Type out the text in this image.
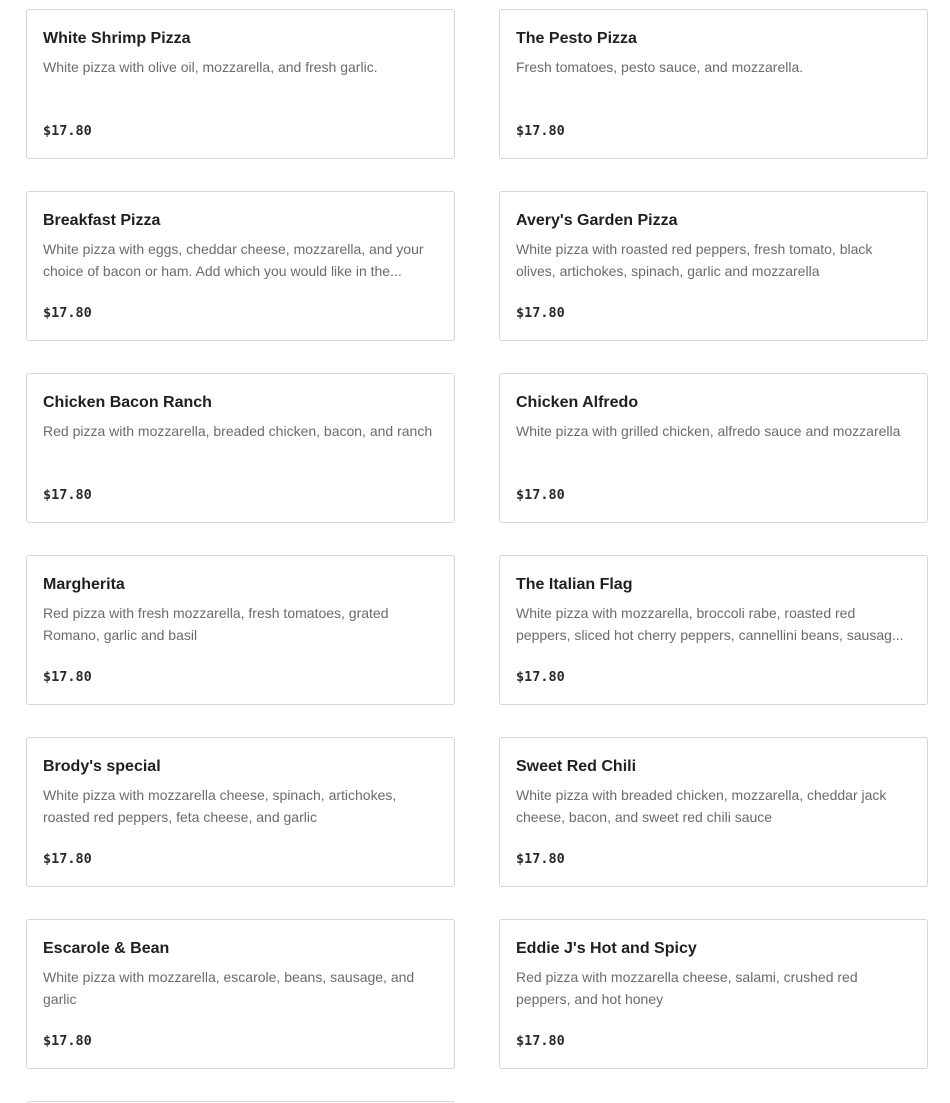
White Shrimp Pizza
White pizza with olive oil, mozzarella, and fresh garlic.
$17.80
The Pesto Pizza
Fresh tomatoes, pesto sauce, and mozzarella.
$17.80
Breakfast Pizza
White pizza with eggs, cheddar cheese, mozzarella, and your choice of bacon or ham. Add which you would like in the...
$17.80
Avery's Garden Pizza
White pizza with roasted red peppers, fresh tomato, black olives, artichokes, spinach, garlic and mozzarella
$17.80
Chicken Bacon Ranch
Red pizza with mozzarella, breaded chicken, bacon, and ranch
$17.80
Chicken Alfredo
White pizza with grilled chicken, alfredo sauce and mozzarella
$17.80
Margherita
Red pizza with fresh mozzarella, fresh tomatoes, grated Romano, garlic and basil
$17.80
The Italian Flag
White pizza with mozzarella, broccoli rabe, roasted red peppers, sliced hot cherry peppers, cannellini beans, sausag...
$17.80
Brody's special
White pizza with mozzarella cheese, spinach, artichokes, roasted red peppers, feta cheese, and garlic
$17.80
Sweet Red Chili
White pizza with breaded chicken, mozzarella, cheddar jack cheese, bacon, and sweet red chili sauce
$17.80
Escarole & Bean
White pizza with mozzarella, escarole, beans, sausage, and garlic
$17.80
Eddie J's Hot and Spicy
Red pizza with mozzarella cheese, salami, crushed red peppers, and hot honey
$17.80
